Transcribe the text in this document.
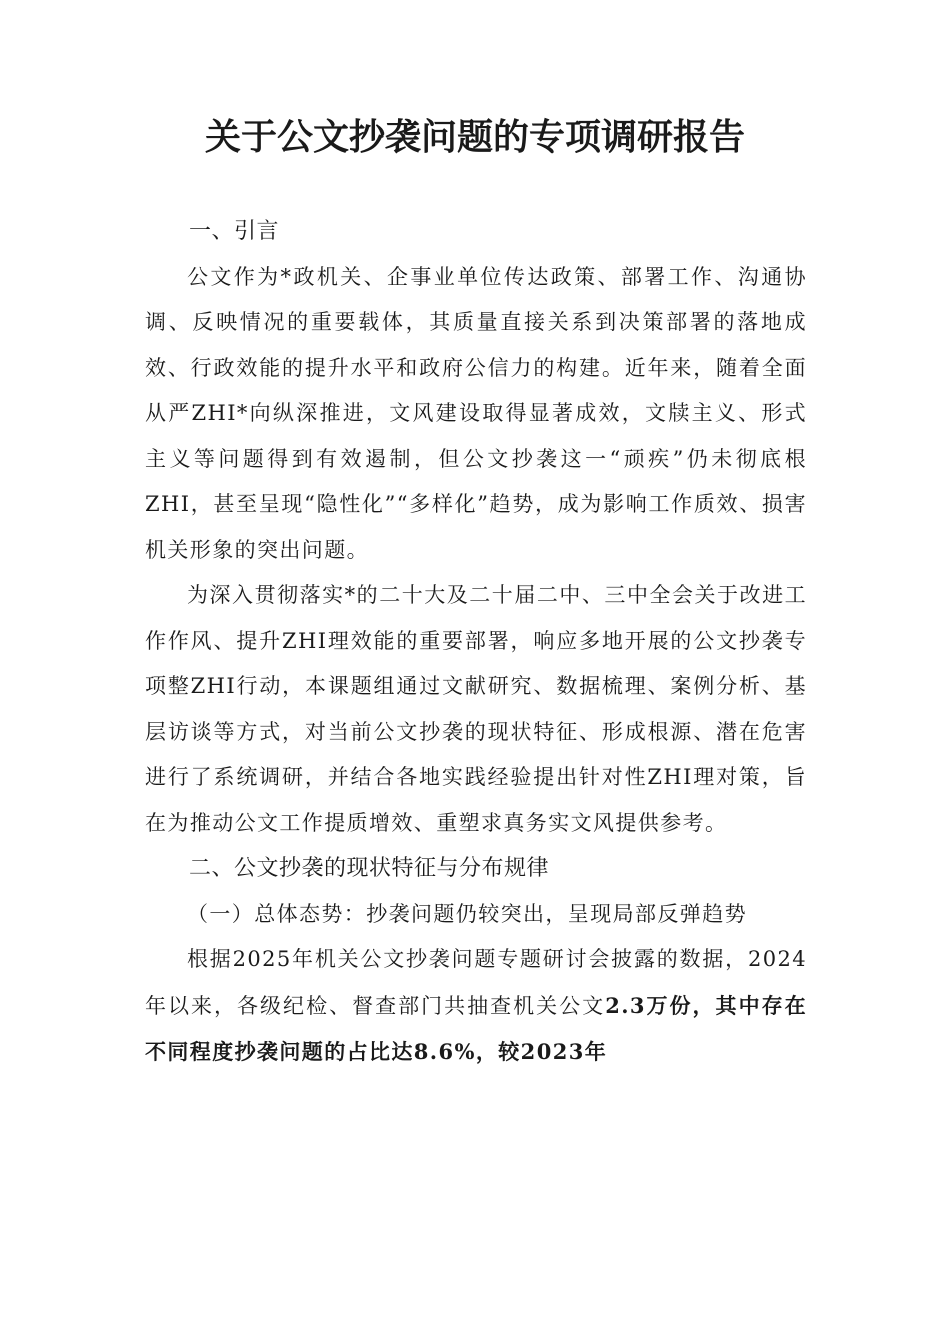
关于公文抄袭问题的专项调研报告

一、引言

公文作为*政机关、企事业单位传达政策、部署工作、沟通协调、反映情况的重要载体，其质量直接关系到决策部署的落地成效、行政效能的提升水平和政府公信力的构建。近年来，随着全面从严ZHI*向纵深推进，文风建设取得显著成效，文牍主义、形式主义等问题得到有效遏制，但公文抄袭这一“顽疾”仍未彻底根ZHI，甚至呈现“隐性化”“多样化”趋势，成为影响工作质效、损害机关形象的突出问题。

为深入贯彻落实*的二十大及二十届二中、三中全会关于改进工作作风、提升ZHI理效能的重要部署，响应多地开展的公文抄袭专项整ZHI行动，本课题组通过文献研究、数据梳理、案例分析、基层访谈等方式，对当前公文抄袭的现状特征、形成根源、潜在危害进行了系统调研，并结合各地实践经验提出针对性ZHI理对策，旨在为推动公文工作提质增效、重塑求真务实文风提供参考。

二、公文抄袭的现状特征与分布规律

（一）总体态势：抄袭问题仍较突出，呈现局部反弹趋势

根据2025年机关公文抄袭问题专题研讨会披露的数据，2024年以来，各级纪检、督查部门共抽查机关公文2.3万份，其中存在不同程度抄袭问题的占比达8.6%，较2023年
